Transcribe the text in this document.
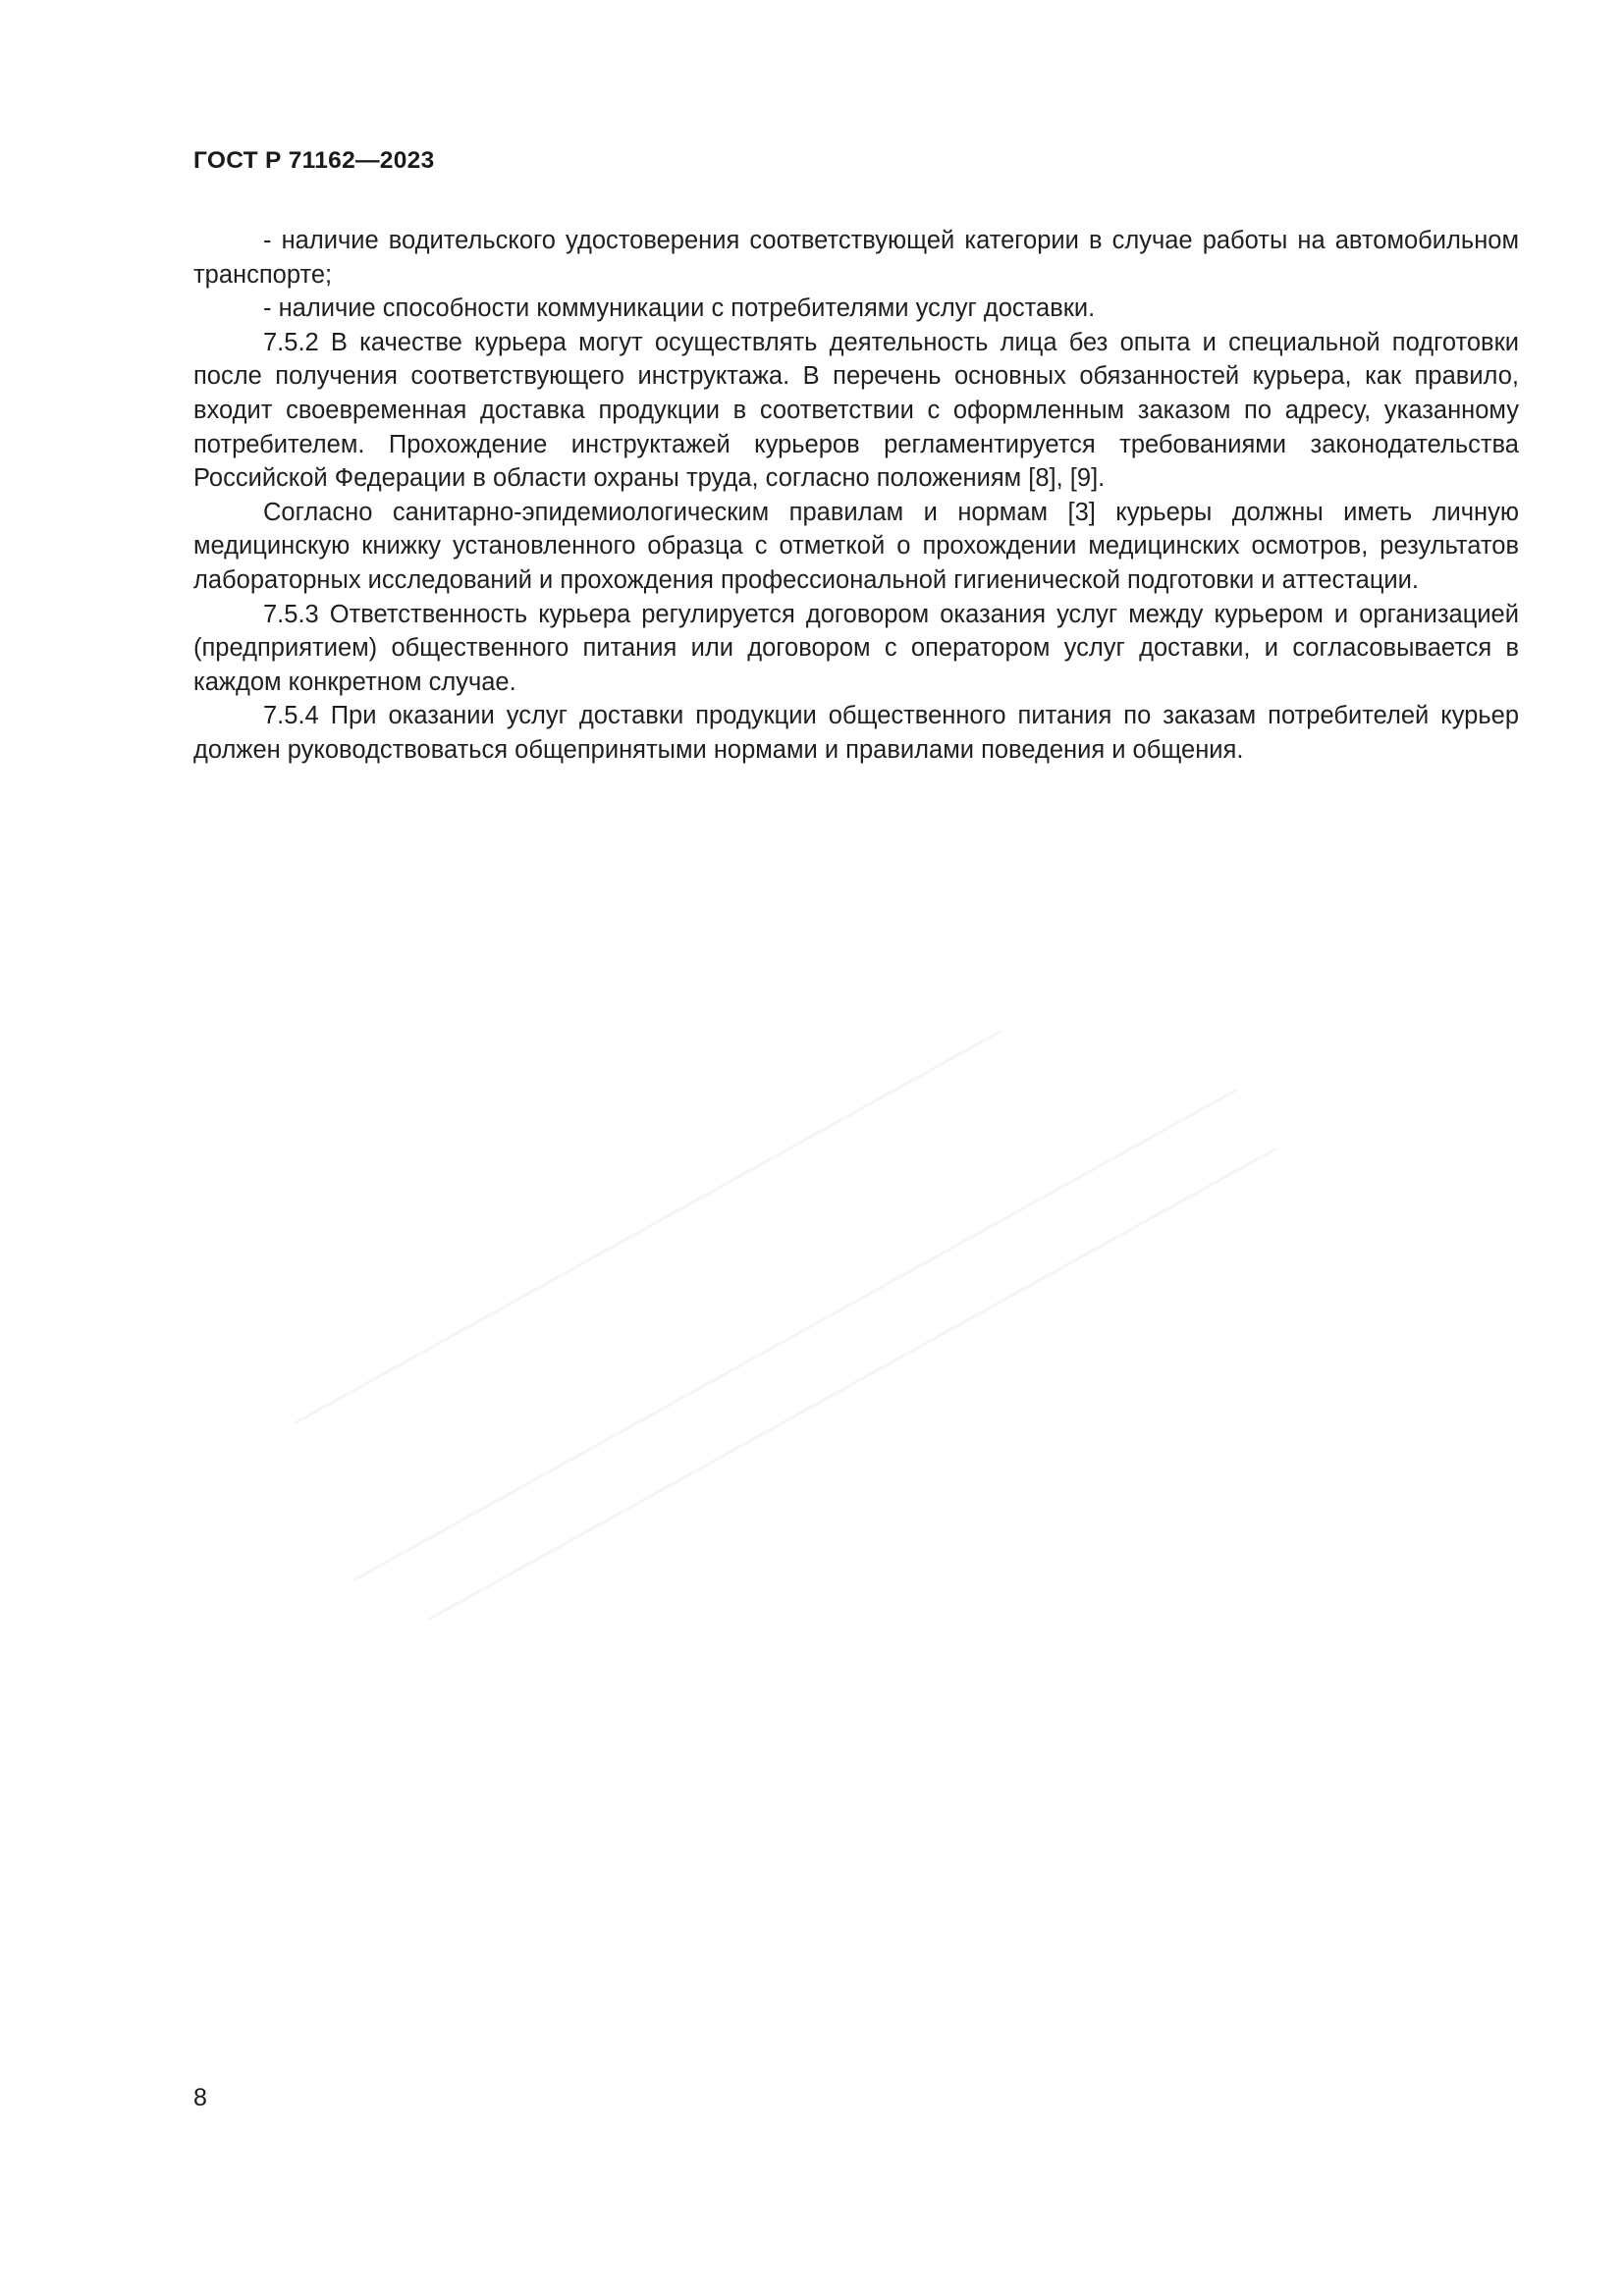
ГОСТ Р 71162—2023

- наличие водительского удостоверения соответствующей категории в случае работы на автомобильном транспорте;

- наличие способности коммуникации с потребителями услуг доставки.

7.5.2 В качестве курьера могут осуществлять деятельность лица без опыта и специальной подготовки после получения соответствующего инструктажа. В перечень основных обязанностей курьера, как правило, входит своевременная доставка продукции в соответствии с оформленным заказом по адресу, указанному потребителем. Прохождение инструктажей курьеров регламентируется требованиями законодательства Российской Федерации в области охраны труда, согласно положениям [8], [9].

Согласно санитарно-эпидемиологическим правилам и нормам [3] курьеры должны иметь личную медицинскую книжку установленного образца с отметкой о прохождении медицинских осмотров, результатов лабораторных исследований и прохождения профессиональной гигиенической подготовки и аттестации.

7.5.3 Ответственность курьера регулируется договором оказания услуг между курьером и организацией (предприятием) общественного питания или договором с оператором услуг доставки, и согласовывается в каждом конкретном случае.

7.5.4 При оказании услуг доставки продукции общественного питания по заказам потребителей курьер должен руководствоваться общепринятыми нормами и правилами поведения и общения.

8
